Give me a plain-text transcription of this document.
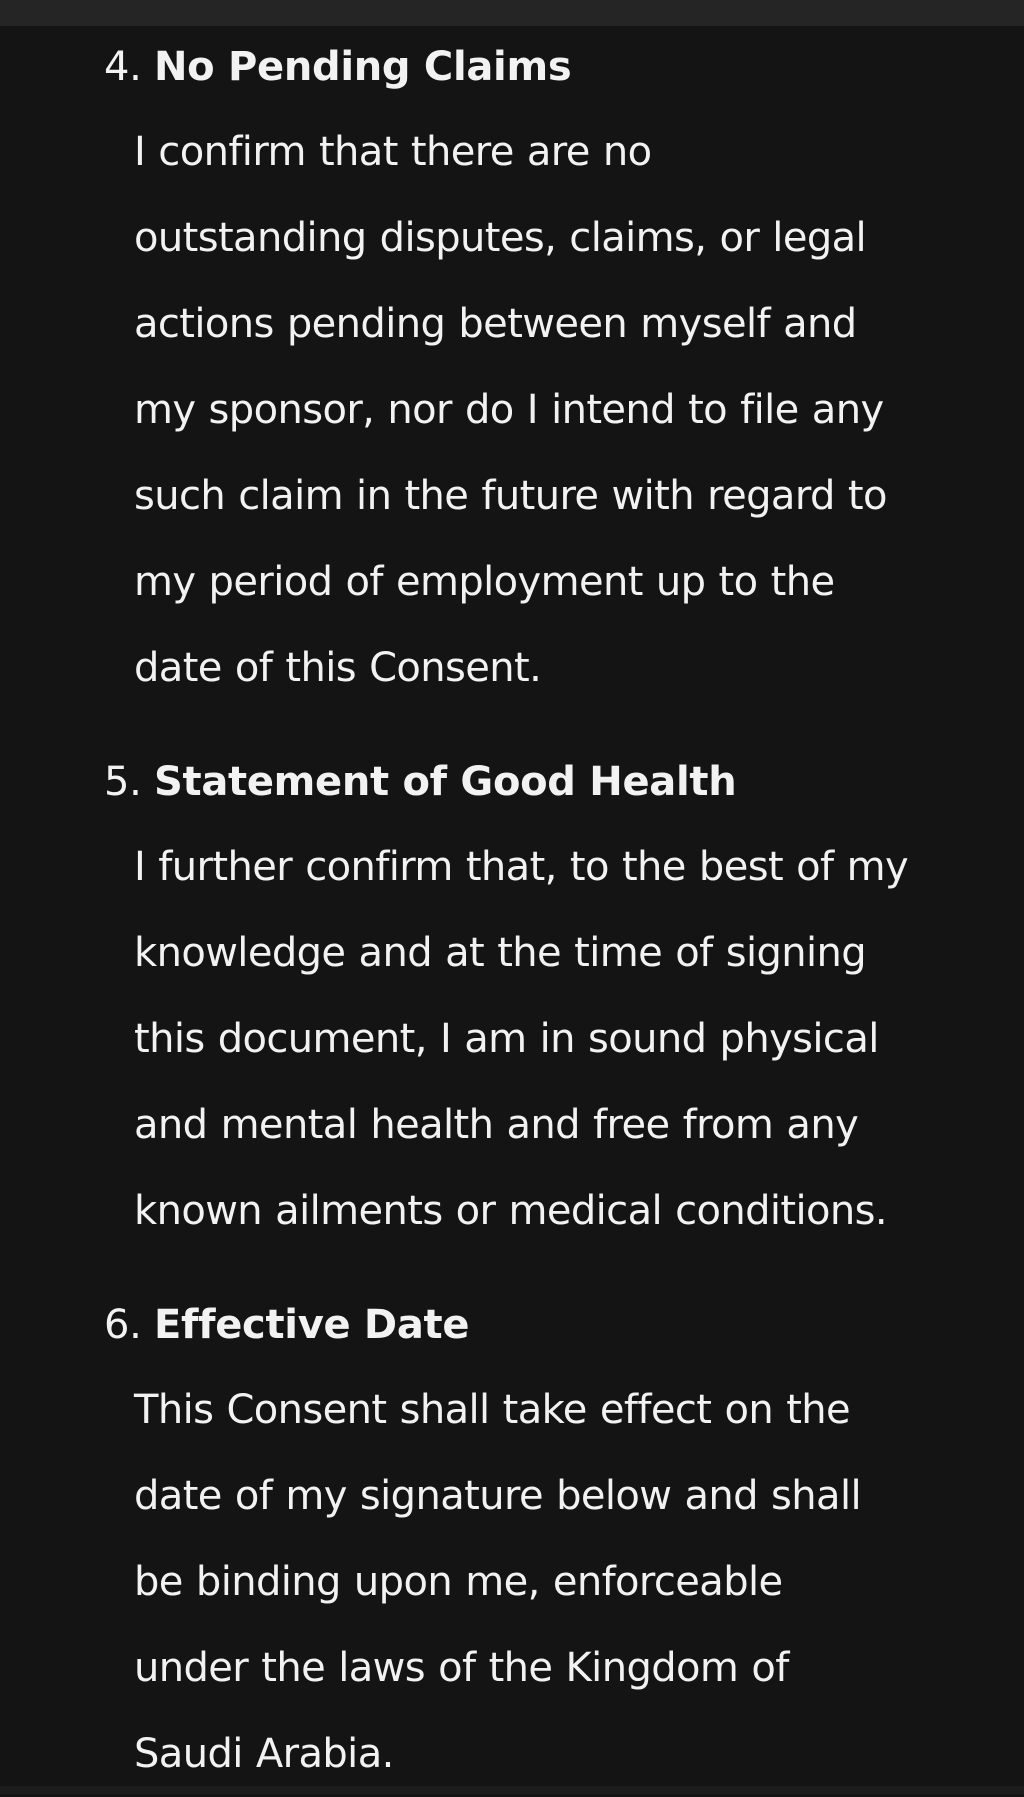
4. No Pending Claims
I confirm that there are no
outstanding disputes, claims, or legal
actions pending between myself and
my sponsor, nor do I intend to file any
such claim in the future with regard to
my period of employment up to the
date of this Consent.
5. Statement of Good Health
I further confirm that, to the best of my
knowledge and at the time of signing
this document, I am in sound physical
and mental health and free from any
known ailments or medical conditions.
6. Effective Date
This Consent shall take effect on the
date of my signature below and shall
be binding upon me, enforceable
under the laws of the Kingdom of
Saudi Arabia.
